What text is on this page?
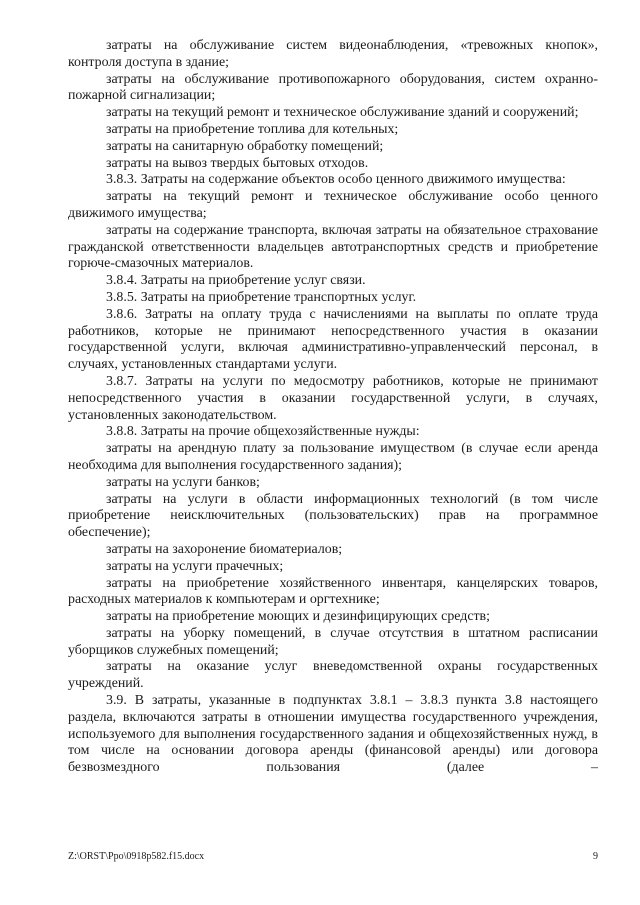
затраты на обслуживание систем видеонаблюдения, «тревожных кнопок», контроля доступа в здание;

затраты на обслуживание противопожарного оборудования, систем охранно-пожарной сигнализации;

затраты на текущий ремонт и техническое обслуживание зданий и сооружений;

затраты на приобретение топлива для котельных;

затраты на санитарную обработку помещений;

затраты на вывоз твердых бытовых отходов.

3.8.3. Затраты на содержание объектов особо ценного движимого имущества:

затраты на текущий ремонт и техническое обслуживание особо ценного движимого имущества;

затраты на содержание транспорта, включая затраты на обязательное страхование гражданской ответственности владельцев автотранспортных средств и приобретение горюче-смазочных материалов.

3.8.4. Затраты на приобретение услуг связи.

3.8.5. Затраты на приобретение транспортных услуг.

3.8.6. Затраты на оплату труда с начислениями на выплаты по оплате труда работников, которые не принимают непосредственного участия в оказании государственной услуги, включая административно-управленческий персонал, в случаях, установленных стандартами услуги.

3.8.7. Затраты на услуги по медосмотру работников, которые не принимают непосредственного участия в оказании государственной услуги, в случаях, установленных законодательством.

3.8.8. Затраты на прочие общехозяйственные нужды:

затраты на арендную плату за пользование имуществом (в случае если аренда необходима для выполнения государственного задания);

затраты на услуги банков;

затраты на услуги в области информационных технологий (в том числе приобретение неисключительных (пользовательских) прав на программное обеспечение);

затраты на захоронение биоматериалов;

затраты на услуги прачечных;

затраты на приобретение хозяйственного инвентаря, канцелярских товаров, расходных материалов к компьютерам и оргтехнике;

затраты на приобретение моющих и дезинфицирующих средств;

затраты на уборку помещений, в случае отсутствия в штатном расписании уборщиков служебных помещений;

затраты на оказание услуг вневедомственной охраны государственных учреждений.

3.9. В затраты, указанные в подпунктах 3.8.1 – 3.8.3 пункта 3.8 настоящего раздела, включаются затраты в отношении имущества государственного учреждения, используемого для выполнения государственного задания и общехозяйственных нужд, в том числе на основании договора аренды (финансовой аренды) или договора безвозмездного пользования (далее –

Z:\ORST\Ppo\0918p582.f15.docx	9
